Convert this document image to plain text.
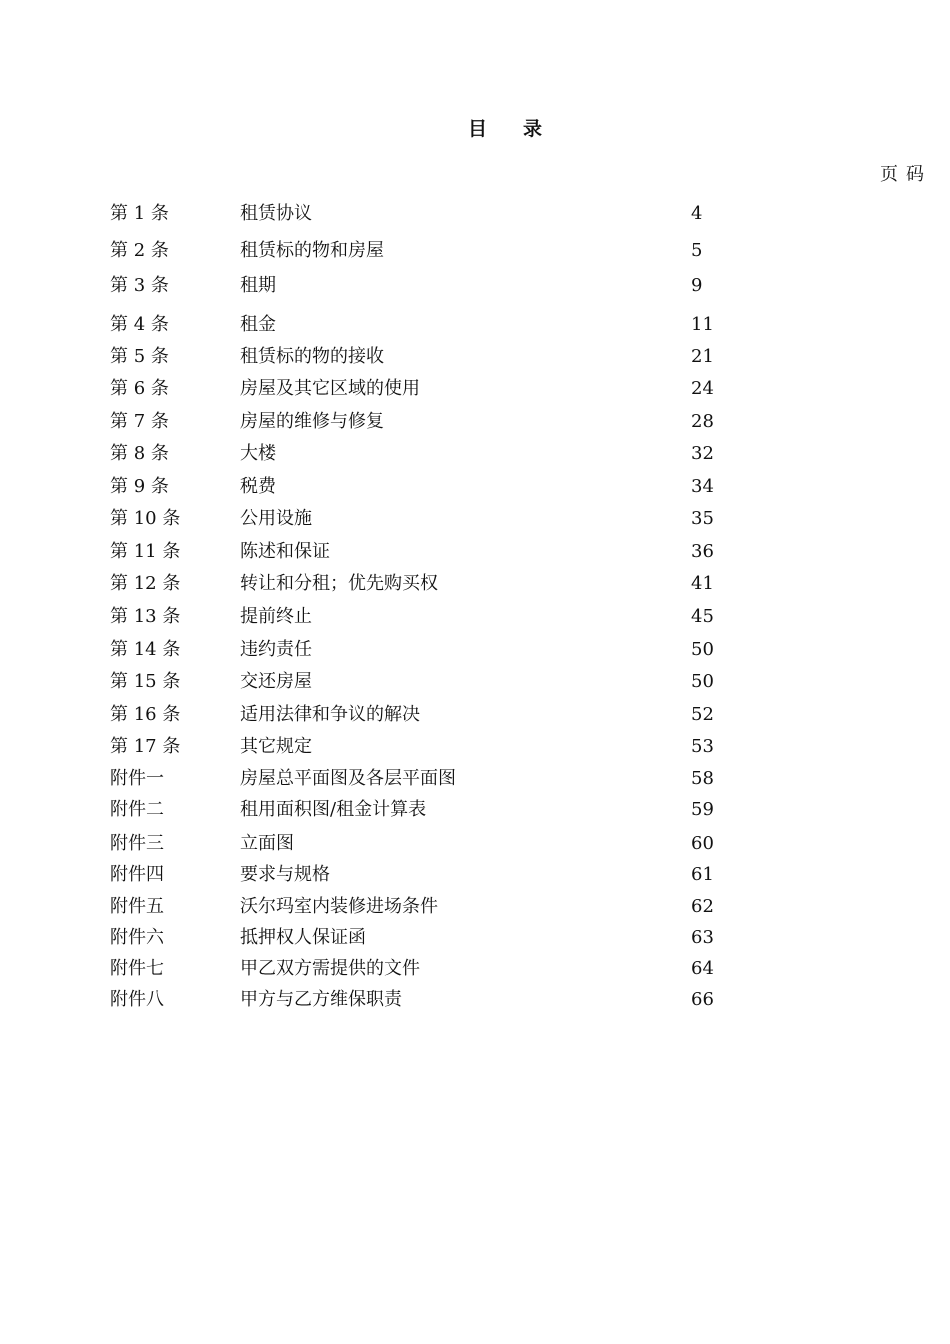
目 录
页码
第 1 条	租赁协议	4
第 2 条	租赁标的物和房屋	5
第 3 条	租期	9
第 4 条	租金	11
第 5 条	租赁标的物的接收	21
第 6 条	房屋及其它区域的使用	24
第 7 条	房屋的维修与修复	28
第 8 条	大楼	32
第 9 条	税费	34
第 10 条	公用设施	35
第 11 条	陈述和保证	36
第 12 条	转让和分租；优先购买权	41
第 13 条	提前终止	45
第 14 条	违约责任	50
第 15 条	交还房屋	50
第 16 条	适用法律和争议的解决	52
第 17 条	其它规定	53
附件一	房屋总平面图及各层平面图	58
附件二	租用面积图/租金计算表	59
附件三	立面图	60
附件四	要求与规格	61
附件五	沃尔玛室内装修进场条件	62
附件六	抵押权人保证函	63
附件七	甲乙双方需提供的文件	64
附件八	甲方与乙方维保职责	66
